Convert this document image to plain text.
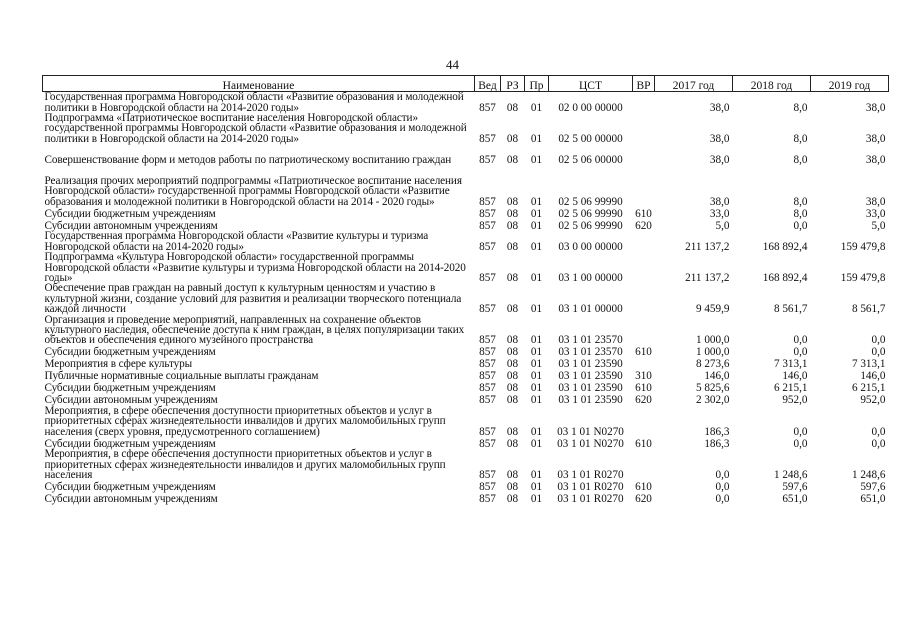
44
Наименование	Вед	РЗ	Пр	ЦСТ	ВР	2017 год	2018 год	2019 год
Государственная программа Новгородской области «Развитие образования и молодежной политики в Новгородской области на 2014-2020 годы»	857	08	01	02 0 00 00000		38,0	8,0	38,0
Подпрограмма «Патриотическое воспитание населения Новгородской области» государственной программы Новгородской области «Развитие образования и молодежной политики в Новгородской области на 2014-2020 годы»	857	08	01	02 5 00 00000		38,0	8,0	38,0
Совершенствование форм и методов работы по патриотическому воспитанию граждан	857	08	01	02 5 06 00000		38,0	8,0	38,0
Реализация прочих мероприятий подпрограммы «Патриотическое воспитание населения Новгородской области» государственной программы Новгородской области «Развитие образования и молодежной политики в Новгородской области на 2014 - 2020 годы»	857	08	01	02 5 06 99990		38,0	8,0	38,0
Субсидии бюджетным учреждениям	857	08	01	02 5 06 99990	610	33,0	8,0	33,0
Субсидии автономным учреждениям	857	08	01	02 5 06 99990	620	5,0	0,0	5,0
Государственная программа Новгородской области «Развитие культуры и туризма Новгородской области на 2014-2020 годы»	857	08	01	03 0 00 00000		211 137,2	168 892,4	159 479,8
Подпрограмма «Культура Новгородской области» государственной программы Новгородской области «Развитие культуры и туризма Новгородской области на 2014-2020 годы»	857	08	01	03 1 00 00000		211 137,2	168 892,4	159 479,8
Обеспечение прав граждан на равный доступ к культурным ценностям и участию в культурной жизни, создание условий для развития и реализации творческого потенциала каждой личности	857	08	01	03 1 01 00000		9 459,9	8 561,7	8 561,7
Организация и проведение мероприятий, направленных на сохранение объектов культурного наследия, обеспечение доступа к ним граждан, в целях популяризации таких объектов и обеспечения единого музейного пространства	857	08	01	03 1 01 23570		1 000,0	0,0	0,0
Субсидии бюджетным учреждениям	857	08	01	03 1 01 23570	610	1 000,0	0,0	0,0
Мероприятия в сфере культуры	857	08	01	03 1 01 23590		8 273,6	7 313,1	7 313,1
Публичные нормативные социальные выплаты гражданам	857	08	01	03 1 01 23590	310	146,0	146,0	146,0
Субсидии бюджетным учреждениям	857	08	01	03 1 01 23590	610	5 825,6	6 215,1	6 215,1
Субсидии автономным учреждениям	857	08	01	03 1 01 23590	620	2 302,0	952,0	952,0
Мероприятия, в сфере обеспечения доступности приоритетных объектов и услуг в приоритетных сферах жизнедеятельности инвалидов и других маломобильных групп населения (сверх уровня, предусмотренного соглашением)	857	08	01	03 1 01 N0270		186,3	0,0	0,0
Субсидии бюджетным учреждениям	857	08	01	03 1 01 N0270	610	186,3	0,0	0,0
Мероприятия, в сфере обеспечения доступности приоритетных объектов и услуг в приоритетных сферах жизнедеятельности инвалидов и других маломобильных групп населения	857	08	01	03 1 01 R0270		0,0	1 248,6	1 248,6
Субсидии бюджетным учреждениям	857	08	01	03 1 01 R0270	610	0,0	597,6	597,6
Субсидии автономным учреждениям	857	08	01	03 1 01 R0270	620	0,0	651,0	651,0
